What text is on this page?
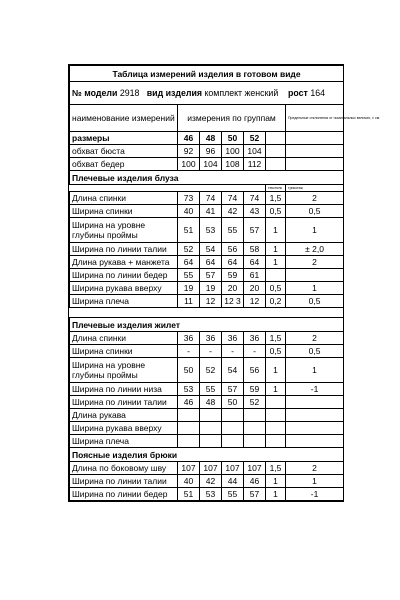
Таблица измерений изделия в готовом виде						
№ модели 2918 вид изделия комплект женский рост 164						
наименование измерений	измерения по группам					Предельные отклонения от номинальных величин, ± см.
размеры	46	48	50	52		
обхват бюста	92	96	100	104		
обхват бедер	100	104	108	112		
Плечевые изделия блуза						
					текстиль	трикотаж
Длина спинки	73	74	74	74	1,5	2
Ширина спинки	40	41	42	43	0,5	0,5
Ширина на уровне глубины проймы	51	53	55	57	1	1
Ширина по линии талии	52	54	56	58	1	± 2,0
Длина рукава + манжета	64	64	64	64	1	2
Ширина по линии бедер	55	57	59	61		
Ширина рукава вверху	19	19	20	20	0,5	1
Ширина плеча	11	12	12 3	12	0,2	0,5

Плечевые изделия жилет						
Длина спинки	36	36	36	36	1,5	2
Ширина спинки	-	-	-	-	0,5	0,5
Ширина на уровне глубины проймы	50	52	54	56	1	1
Ширина по линии низа	53	55	57	59	1	-1
Ширина по линии талии	46	48	50	52		
Длина рукава						
Ширина рукава вверху						
Ширина плеча						
Поясные изделия брюки						
Длина по боковому шву	107	107	107	107	1,5	2
Ширина по линии талии	40	42	44	46	1	1
Ширина по линии бедер	51	53	55	57	1	-1
